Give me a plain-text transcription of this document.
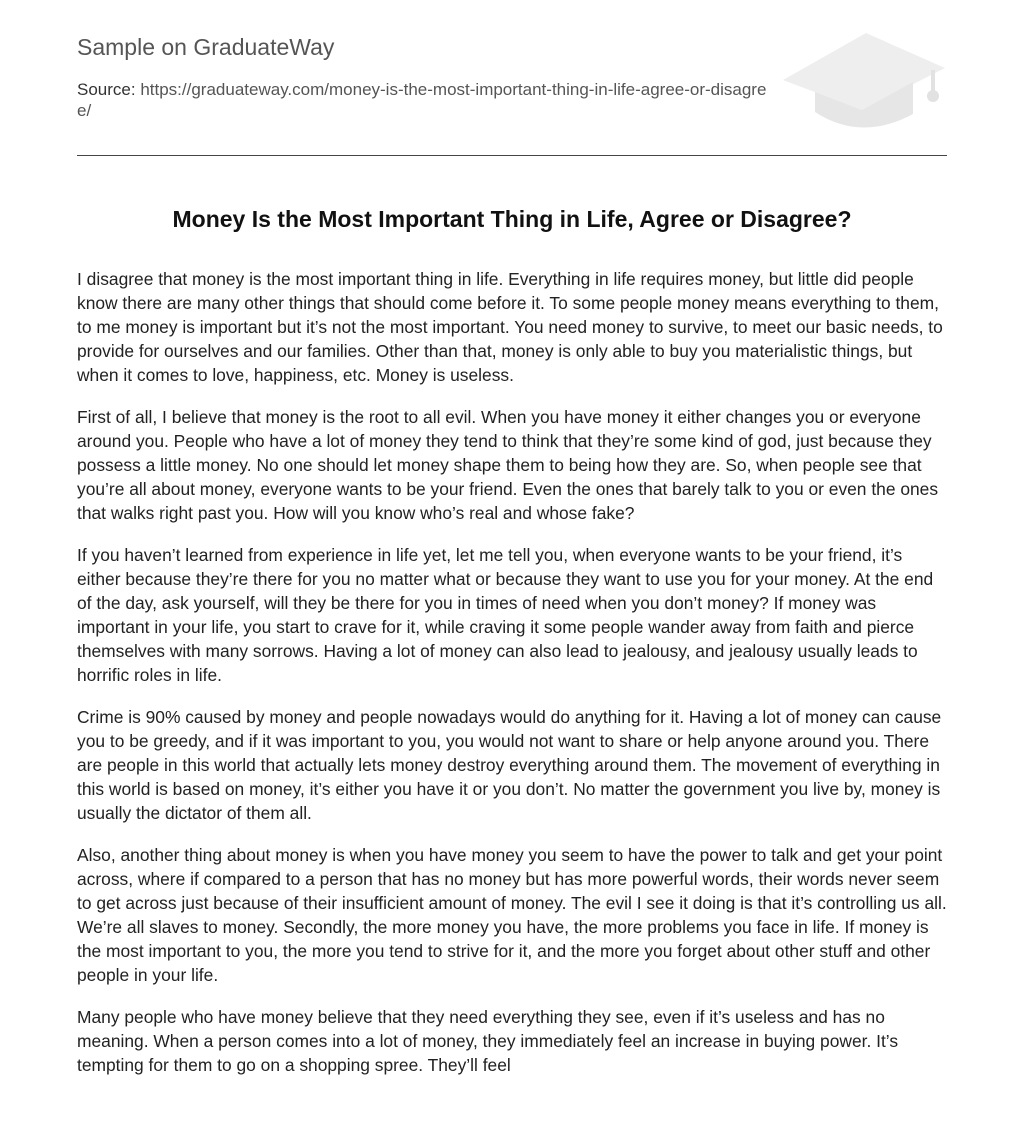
Sample on GraduateWay
Source: https://graduateway.com/money-is-the-most-important-thing-in-life-agree-or-disagree/
Money Is the Most Important Thing in Life, Agree or Disagree?

I disagree that money is the most important thing in life. Everything in life requires money, but little did people know there are many other things that should come before it. To some people money means everything to them, to me money is important but it’s not the most important. You need money to survive, to meet our basic needs, to provide for ourselves and our families. Other than that, money is only able to buy you materialistic things, but when it comes to love, happiness, etc. Money is useless.

First of all, I believe that money is the root to all evil. When you have money it either changes you or everyone around you. People who have a lot of money they tend to think that they’re some kind of god, just because they possess a little money. No one should let money shape them to being how they are. So, when people see that you’re all about money, everyone wants to be your friend. Even the ones that barely talk to you or even the ones that walks right past you. How will you know who’s real and whose fake?

If you haven’t learned from experience in life yet, let me tell you, when everyone wants to be your friend, it’s either because they’re there for you no matter what or because they want to use you for your money. At the end of the day, ask yourself, will they be there for you in times of need when you don’t money? If money was important in your life, you start to crave for it, while craving it some people wander away from faith and pierce themselves with many sorrows. Having a lot of money can also lead to jealousy, and jealousy usually leads to horrific roles in life.

Crime is 90% caused by money and people nowadays would do anything for it. Having a lot of money can cause you to be greedy, and if it was important to you, you would not want to share or help anyone around you. There are people in this world that actually lets money destroy everything around them. The movement of everything in this world is based on money, it’s either you have it or you don’t. No matter the government you live by, money is usually the dictator of them all.

Also, another thing about money is when you have money you seem to have the power to talk and get your point across, where if compared to a person that has no money but has more powerful words, their words never seem to get across just because of their insufficient amount of money. The evil I see it doing is that it’s controlling us all. We’re all slaves to money. Secondly, the more money you have, the more problems you face in life. If money is the most important to you, the more you tend to strive for it, and the more you forget about other stuff and other people in your life.

Many people who have money believe that they need everything they see, even if it’s useless and has no meaning. When a person comes into a lot of money, they immediately feel an increase in buying power. It’s tempting for them to go on a shopping spree. They’ll feel
